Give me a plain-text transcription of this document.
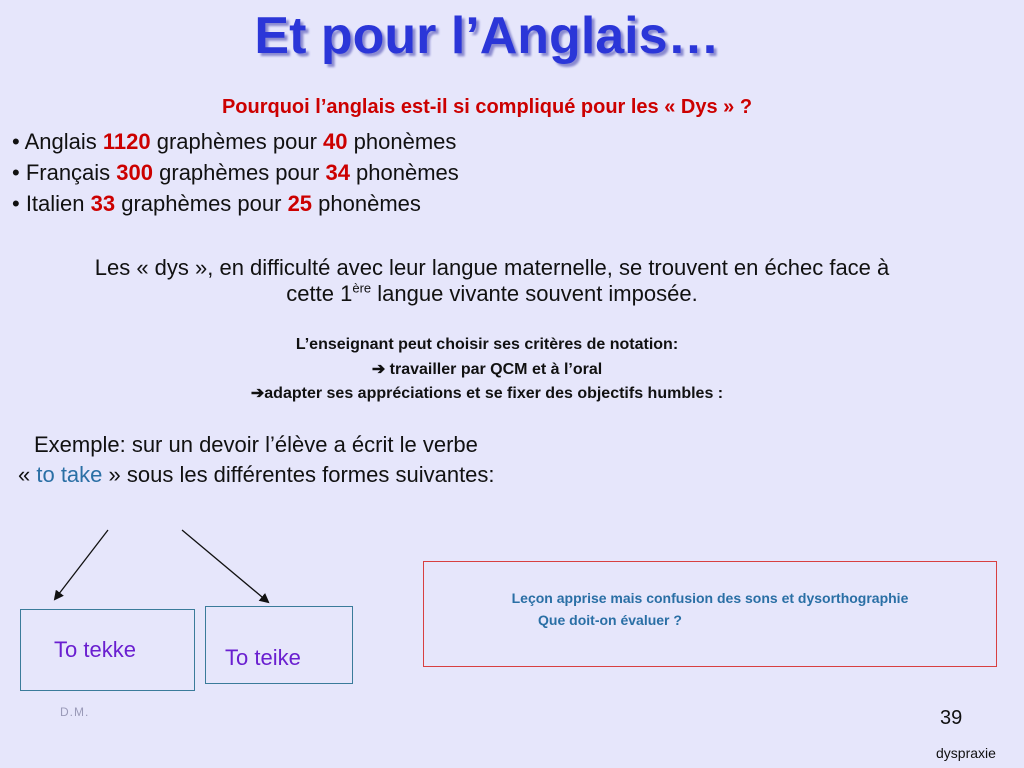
Et pour l’Anglais…
Pourquoi l’anglais est-il si compliqué pour les « Dys » ?
• Anglais 1120 graphèmes pour 40 phonèmes
• Français 300 graphèmes pour 34 phonèmes
• Italien 33 graphèmes pour 25 phonèmes
Les « dys », en difficulté avec leur langue maternelle, se trouvent en échec face à
cette 1ère langue vivante souvent imposée.
L’enseignant peut choisir ses critères de notation:
➔ travailler par QCM et à l’oral
➔adapter ses appréciations et se fixer des objectifs humbles :
Exemple: sur un devoir l’élève a écrit le verbe
« to take » sous les différentes formes suivantes:
To tekke	To teike
Leçon apprise mais confusion des sons et dysorthographie
Que doit-on évaluer ?
D.M.	39
dyspraxie
